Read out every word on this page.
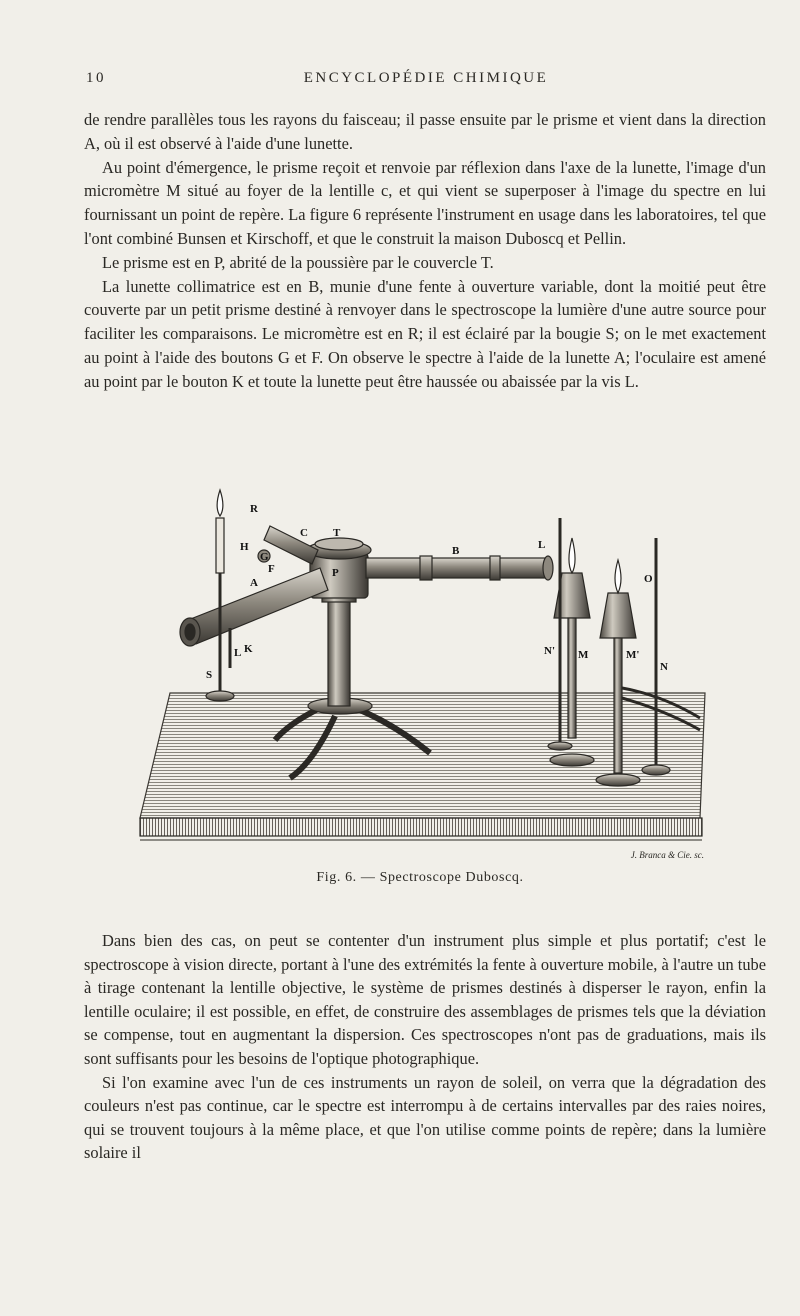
10	ENCYCLOPÉDIE CHIMIQUE

de rendre parallèles tous les rayons du faisceau; il passe ensuite par le prisme et vient dans la direction A, où il est observé à l'aide d'une lunette.

Au point d'émergence, le prisme reçoit et renvoie par réflexion dans l'axe de la lunette, l'image d'un micromètre M situé au foyer de la lentille c, et qui vient se superposer à l'image du spectre en lui fournissant un point de repère. La figure 6 représente l'instrument en usage dans les laboratoires, tel que l'ont combiné Bunsen et Kirschoff, et que le construit la maison Duboscq et Pellin.

Le prisme est en P, abrité de la poussière par le couvercle T.

La lunette collimatrice est en B, munie d'une fente à ouverture variable, dont la moitié peut être couverte par un petit prisme destiné à renvoyer dans le spectroscope la lumière d'une autre source pour faciliter les comparaisons. Le micromètre est en R; il est éclairé par la bougie S; on le met exactement au point à l'aide des boutons G et F. On observe le spectre à l'aide de la lunette A; l'oculaire est amené au point par le bouton K et toute la lunette peut être haussée ou abaissée par la vis L.

R
C T
B	L
H
G
F	P
A
K
L
S
N' M	M'
N
O
J. Branca & Cie. sc.
Fig. 6. — Spectroscope Duboscq.

Dans bien des cas, on peut se contenter d'un instrument plus simple et plus portatif; c'est le spectroscope à vision directe, portant à l'une des extrémités la fente à ouverture mobile, à l'autre un tube à tirage contenant la lentille objective, le système de prismes destinés à disperser le rayon, enfin la lentille oculaire; il est possible, en effet, de construire des assemblages de prismes tels que la déviation se compense, tout en augmentant la dispersion. Ces spectroscopes n'ont pas de graduations, mais ils sont suffisants pour les besoins de l'optique photographique.

Si l'on examine avec l'un de ces instruments un rayon de soleil, on verra que la dégradation des couleurs n'est pas continue, car le spectre est interrompu à de certains intervalles par des raies noires, qui se trouvent toujours à la même place, et que l'on utilise comme points de repère; dans la lumière solaire il
